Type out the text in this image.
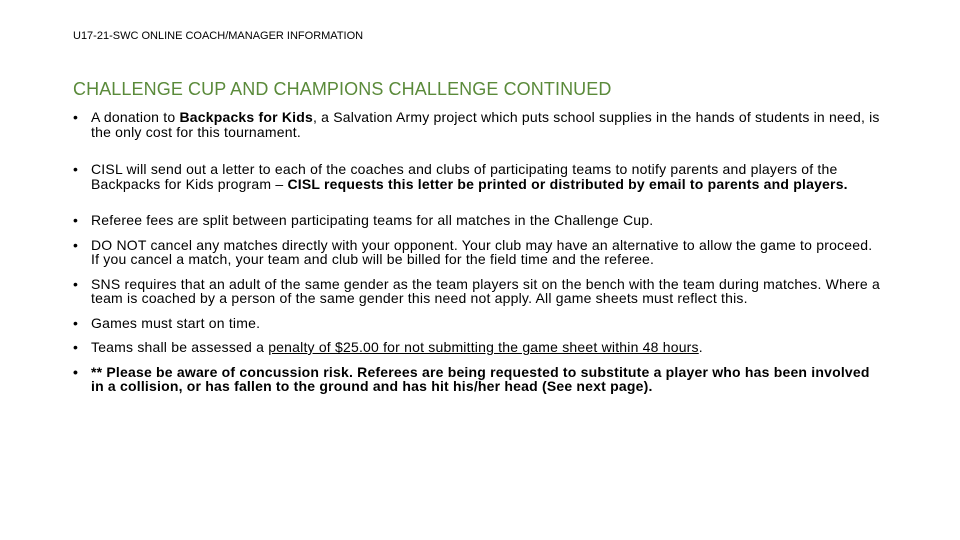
U17-21-SWC ONLINE COACH/MANAGER INFORMATION
CHALLENGE CUP AND CHAMPIONS CHALLENGE CONTINUED
• A donation to Backpacks for Kids, a Salvation Army project which puts school supplies in the hands of students in need, is the only cost for this tournament.
• CISL will send out a letter to each of the coaches and clubs of participating teams to notify parents and players of the Backpacks for Kids program – CISL requests this letter be printed or distributed by email to parents and players.
• Referee fees are split between participating teams for all matches in the Challenge Cup.
• DO NOT cancel any matches directly with your opponent. Your club may have an alternative to allow the game to proceed. If you cancel a match, your team and club will be billed for the field time and the referee.
• SNS requires that an adult of the same gender as the team players sit on the bench with the team during matches. Where a team is coached by a person of the same gender this need not apply. All game sheets must reflect this.
• Games must start on time.
• Teams shall be assessed a penalty of $25.00 for not submitting the game sheet within 48 hours.
• ** Please be aware of concussion risk. Referees are being requested to substitute a player who has been involved in a collision, or has fallen to the ground and has hit his/her head (See next page).
